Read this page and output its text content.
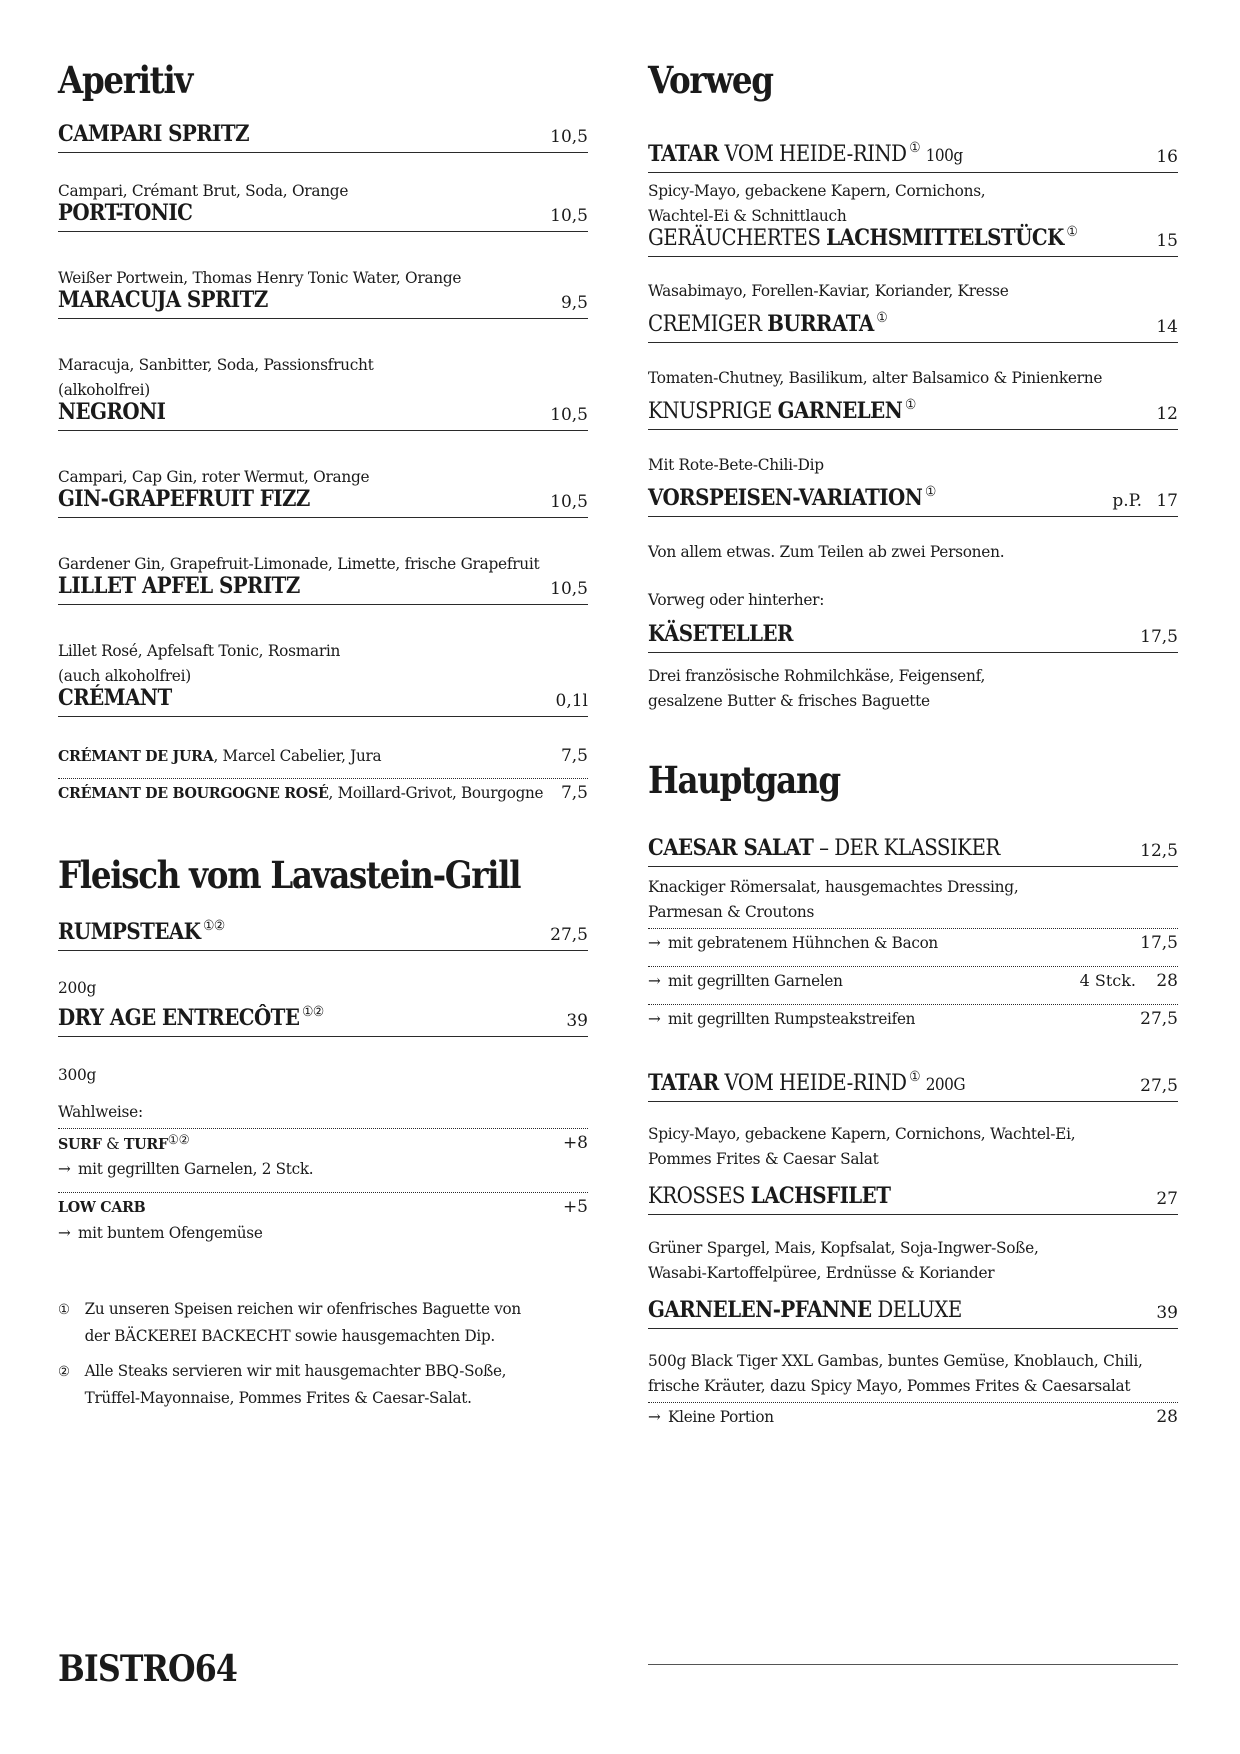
Aperitiv
CAMPARI SPRITZ	10,5
Campari, Crémant Brut, Soda, Orange
PORT-TONIC	10,5
Weißer Portwein, Thomas Henry Tonic Water, Orange
MARACUJA SPRITZ	9,5
Maracuja, Sanbitter, Soda, Passionsfrucht
(alkoholfrei)
NEGRONI	10,5
Campari, Cap Gin, roter Wermut, Orange
GIN-GRAPEFRUIT FIZZ	10,5
Gardener Gin, Grapefruit-Limonade, Limette, frische Grapefruit
LILLET APFEL SPRITZ	10,5
Lillet Rosé, Apfelsaft Tonic, Rosmarin
(auch alkoholfrei)
CRÉMANT	0,1l
CRÉMANT DE JURA, Marcel Cabelier, Jura	7,5
CRÉMANT DE BOURGOGNE ROSÉ, Moillard-Grivot, Bourgogne 7,5
Fleisch vom Lavastein-Grill
RUMPSTEAK ①②	27,5
200g
DRY AGE ENTRECÔTE ①②	39
300g
Wahlweise:
SURF & TURF①②	+8
→ mit gegrillten Garnelen, 2 Stck.
LOW CARB	+5
→ mit buntem Ofengemüse
① Zu unseren Speisen reichen wir ofenfrisches Baguette von
der BÄCKEREI BACKECHT sowie hausgemachten Dip.
② Alle Steaks servieren wir mit hausgemachter BBQ-Soße,
Trüffel-Mayonnaise, Pommes Frites & Caesar-Salat.
Vorweg
TATAR VOM HEIDE-RIND ① 100g	16
Spicy-Mayo, gebackene Kapern, Cornichons,
Wachtel-Ei & Schnittlauch
GERÄUCHERTES LACHSMITTELSTÜCK ①	15
Wasabimayo, Forellen-Kaviar, Koriander, Kresse
CREMIGER BURRATA ①	14
Tomaten-Chutney, Basilikum, alter Balsamico & Pinienkerne
KNUSPRIGE GARNELEN ①	12
Mit Rote-Bete-Chili-Dip
VORSPEISEN-VARIATION ①	p.P. 17
Von allem etwas. Zum Teilen ab zwei Personen.
Vorweg oder hinterher:
KÄSETELLER	17,5
Drei französische Rohmilchkäse, Feigensenf,
gesalzene Butter & frisches Baguette
Hauptgang
CAESAR SALAT – DER KLASSIKER	12,5
Knackiger Römersalat, hausgemachtes Dressing,
Parmesan & Croutons
→ mit gebratenem Hühnchen & Bacon	17,5
→ mit gegrillten Garnelen	4 Stck. 28
→ mit gegrillten Rumpsteakstreifen	27,5
TATAR VOM HEIDE-RIND ① 200G	27,5
Spicy-Mayo, gebackene Kapern, Cornichons, Wachtel-Ei,
Pommes Frites & Caesar Salat
KROSSES LACHSFILET	27
Grüner Spargel, Mais, Kopfsalat, Soja-Ingwer-Soße,
Wasabi-Kartoffelpüree, Erdnüsse & Koriander
GARNELEN-PFANNE DELUXE	39
500g Black Tiger XXL Gambas, buntes Gemüse, Knoblauch, Chili,
frische Kräuter, dazu Spicy Mayo, Pommes Frites & Caesarsalat
→ Kleine Portion	28
BISTRO64
